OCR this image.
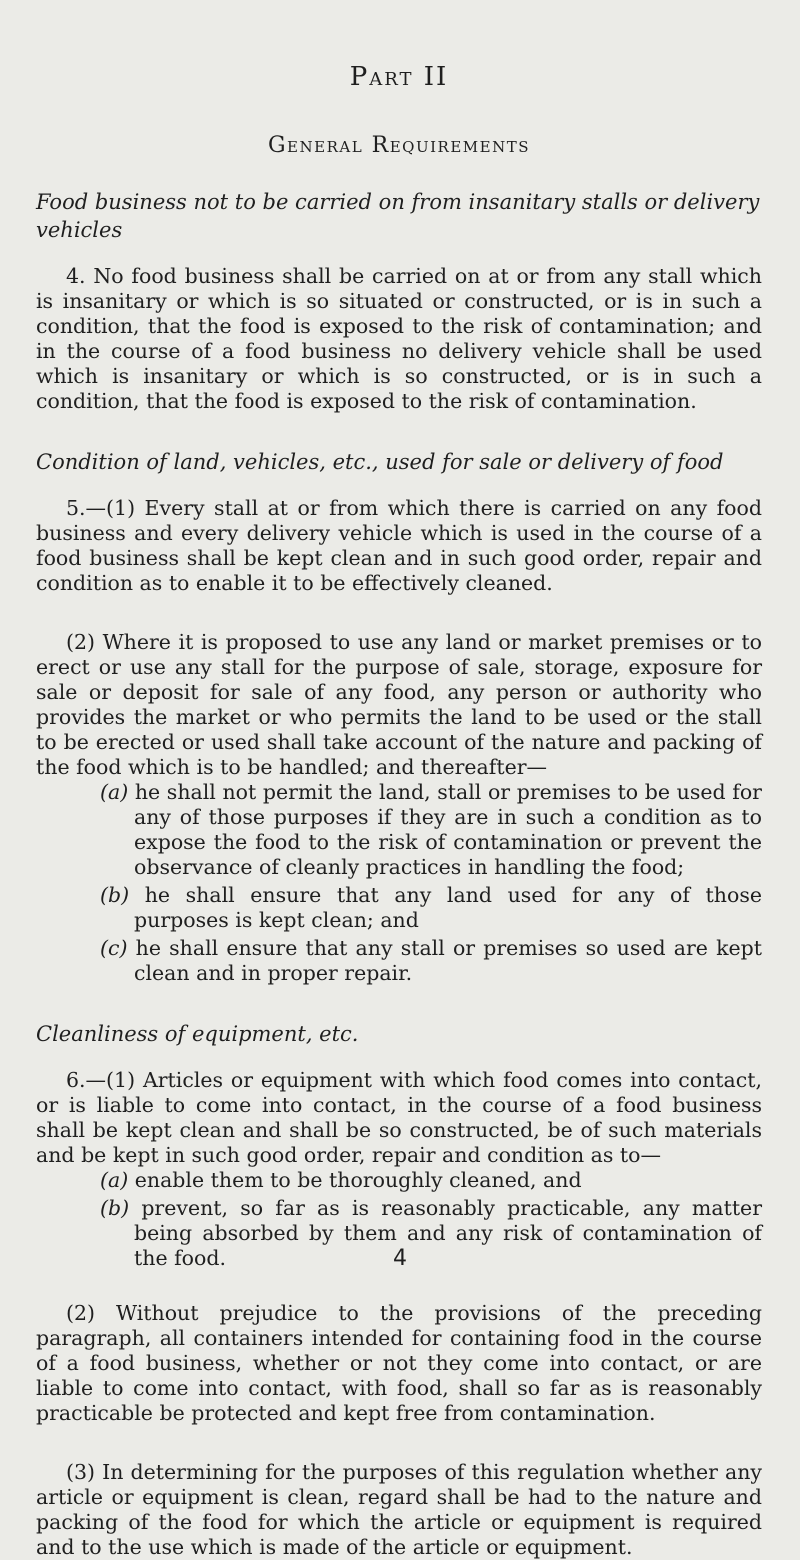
Part II
General Requirements
Food business not to be carried on from insanitary stalls or delivery vehicles

4. No food business shall be carried on at or from any stall which is insanitary or which is so situated or constructed, or is in such a condition, that the food is exposed to the risk of contamination; and in the course of a food business no delivery vehicle shall be used which is insanitary or which is so constructed, or is in such a condition, that the food is exposed to the risk of contamination.

Condition of land, vehicles, etc., used for sale or delivery of food

5.—(1) Every stall at or from which there is carried on any food business and every delivery vehicle which is used in the course of a food business shall be kept clean and in such good order, repair and condition as to enable it to be effectively cleaned.

(2) Where it is proposed to use any land or market premises or to erect or use any stall for the purpose of sale, storage, exposure for sale or deposit for sale of any food, any person or authority who provides the market or who permits the land to be used or the stall to be erected or used shall take account of the nature and packing of the food which is to be handled; and thereafter—

(a) he shall not permit the land, stall or premises to be used for any of those purposes if they are in such a condition as to expose the food to the risk of contamination or prevent the observance of cleanly practices in handling the food;
(b) he shall ensure that any land used for any of those purposes is kept clean; and
(c) he shall ensure that any stall or premises so used are kept clean and in proper repair.
Cleanliness of equipment, etc.

6.—(1) Articles or equipment with which food comes into contact, or is liable to come into contact, in the course of a food business shall be kept clean and shall be so constructed, be of such materials and be kept in such good order, repair and condition as to—

(a) enable them to be thoroughly cleaned, and
(b) prevent, so far as is reasonably practicable, any matter being absorbed by them and any risk of contamination of the food.

(2) Without prejudice to the provisions of the preceding paragraph, all containers intended for containing food in the course of a food business, whether or not they come into contact, or are liable to come into contact, with food, shall so far as is reasonably practicable be protected and kept free from contamination.

(3) In determining for the purposes of this regulation whether any article or equipment is clean, regard shall be had to the nature and packing of the food for which the article or equipment is required and to the use which is made of the article or equipment.

4
